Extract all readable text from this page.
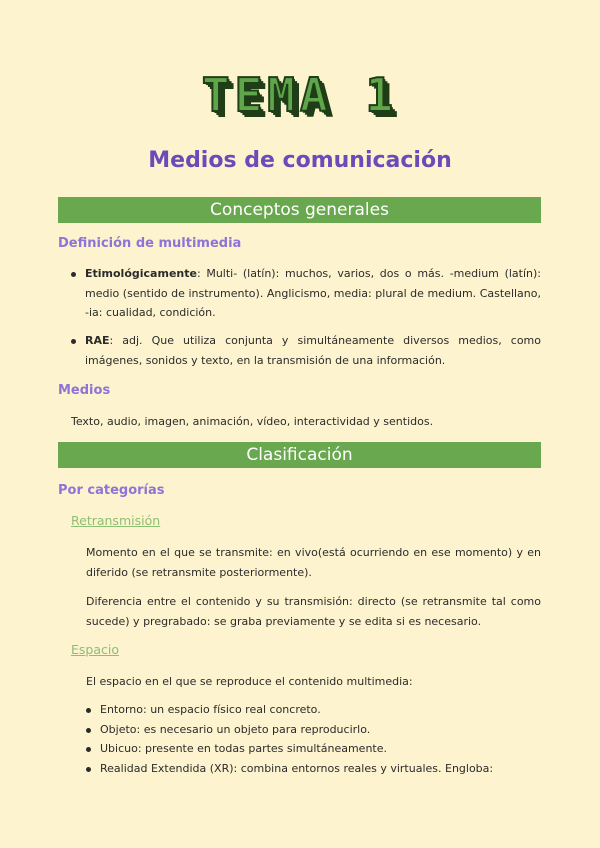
TEMA 1
Medios de comunicación
Conceptos generales
Definición de multimedia
Etimológicamente: Multi- (latín): muchos, varios, dos o más. -medium (latín): medio (sentido de instrumento). Anglicismo, media: plural de medium. Castellano, -ia: cualidad, condición.
RAE: adj. Que utiliza conjunta y simultáneamente diversos medios, como imágenes, sonidos y texto, en la transmisión de una información.
Medios
Texto, audio, imagen, animación, vídeo, interactividad y sentidos.
Clasificación
Por categorías
Retransmisión
Momento en el que se transmite: en vivo(está ocurriendo en ese momento) y en diferido (se retransmite posteriormente).
Diferencia entre el contenido y su transmisión: directo (se retransmite tal como sucede) y pregrabado: se graba previamente y se edita si es necesario.
Espacio
El espacio en el que se reproduce el contenido multimedia:
Entorno: un espacio físico real concreto.
Objeto: es necesario un objeto para reproducirlo.
Ubicuo: presente en todas partes simultáneamente.
Realidad Extendida (XR): combina entornos reales y virtuales. Engloba:
